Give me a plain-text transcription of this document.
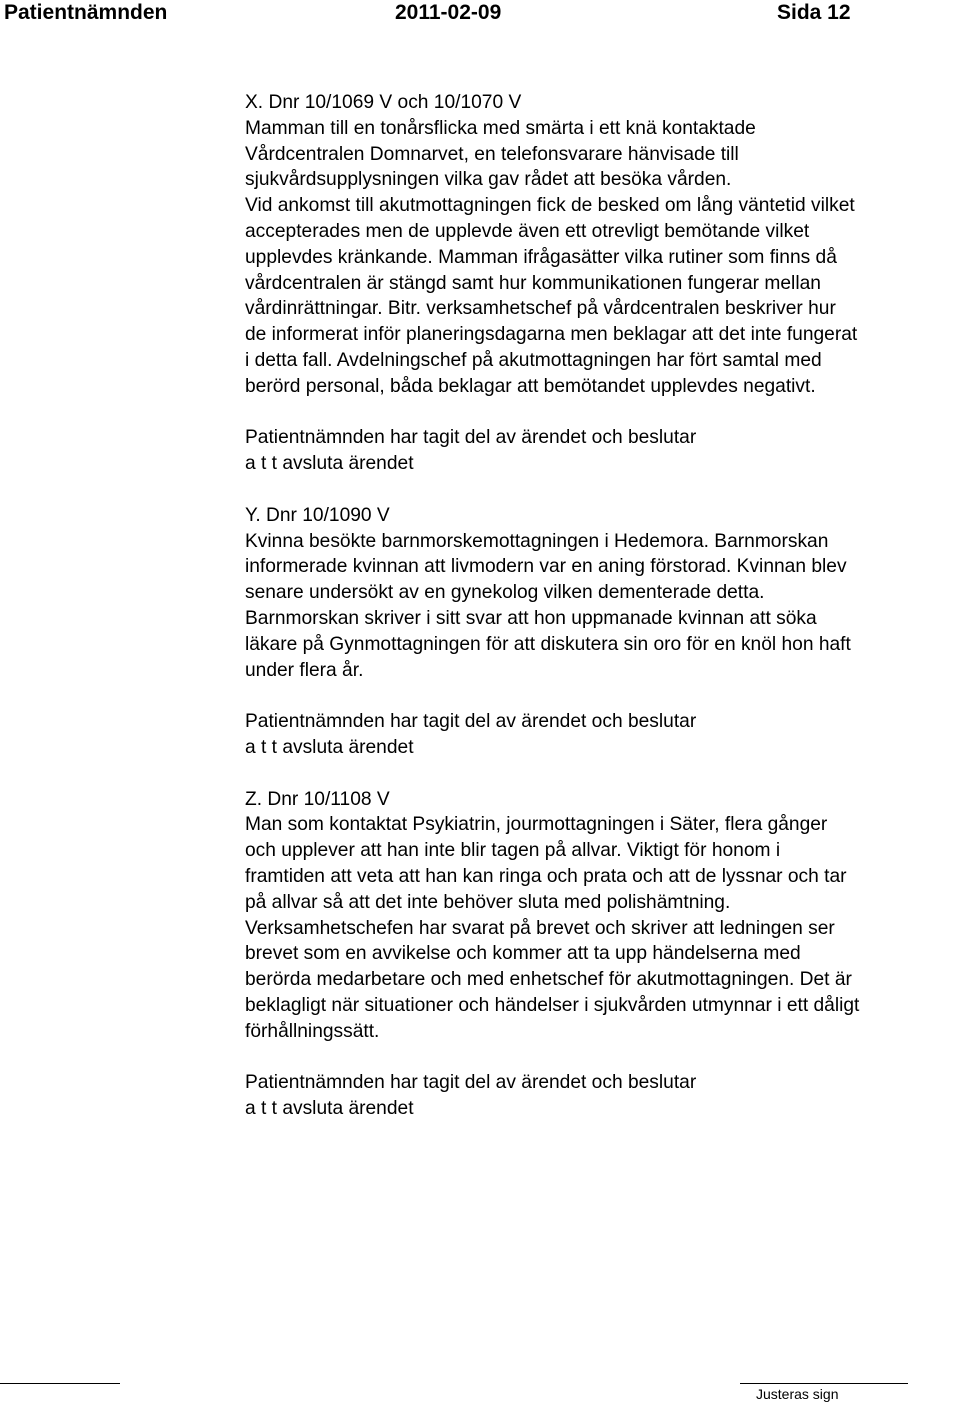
Patientnämnden	2011-02-09	Sida 12
X. Dnr 10/1069 V och 10/1070 V
Mamman till en tonårsflicka med smärta i ett knä kontaktade
Vårdcentralen Domnarvet, en telefonsvarare hänvisade till
sjukvårdsupplysningen vilka gav rådet att besöka vården.
Vid ankomst till akutmottagningen fick de besked om lång väntetid vilket
accepterades men de upplevde även ett otrevligt bemötande vilket
upplevdes kränkande. Mamman ifrågasätter vilka rutiner som finns då
vårdcentralen är stängd samt hur kommunikationen fungerar mellan
vårdinrättningar. Bitr. verksamhetschef på vårdcentralen beskriver hur
de informerat inför planeringsdagarna men beklagar att det inte fungerat
i detta fall. Avdelningschef på akutmottagningen har fört samtal med
berörd personal, båda beklagar att bemötandet upplevdes negativt.
Patientnämnden har tagit del av ärendet och beslutar
a t t avsluta ärendet
Y. Dnr 10/1090 V
Kvinna besökte barnmorskemottagningen i Hedemora. Barnmorskan
informerade kvinnan att livmodern var en aning förstorad. Kvinnan blev
senare undersökt av en gynekolog vilken dementerade detta.
Barnmorskan skriver i sitt svar att hon uppmanade kvinnan att söka
läkare på Gynmottagningen för att diskutera sin oro för en knöl hon haft
under flera år.
Patientnämnden har tagit del av ärendet och beslutar
a t t avsluta ärendet
Z. Dnr 10/1108 V
Man som kontaktat Psykiatrin, jourmottagningen i Säter, flera gånger
och upplever att han inte blir tagen på allvar. Viktigt för honom i
framtiden att veta att han kan ringa och prata och att de lyssnar och tar
på allvar så att det inte behöver sluta med polishämtning.
Verksamhetschefen har svarat på brevet och skriver att ledningen ser
brevet som en avvikelse och kommer att ta upp händelserna med
berörda medarbetare och med enhetschef för akutmottagningen. Det är
beklagligt när situationer och händelser i sjukvården utmynnar i ett dåligt
förhållningssätt.
Patientnämnden har tagit del av ärendet och beslutar
a t t avsluta ärendet
Justeras sign
